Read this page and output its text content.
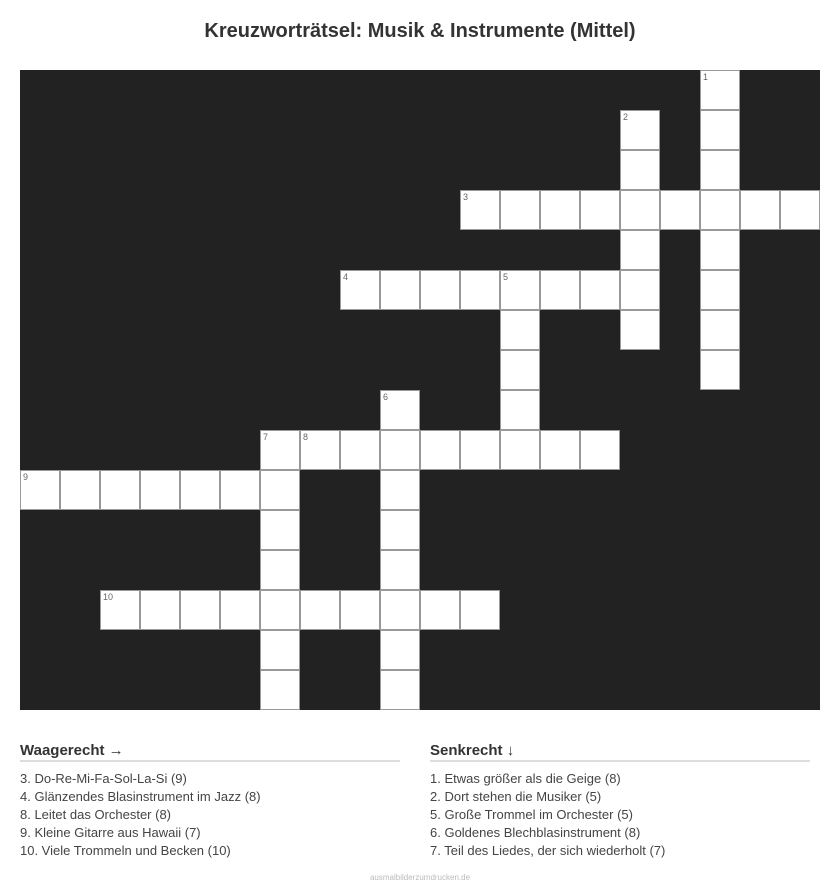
Kreuzworträtsel: Musik & Instrumente (Mittel)
1
2
3
4	5
6
7	8
9
10
Waagerecht →
3. Do-Re-Mi-Fa-Sol-La-Si (9)
4. Glänzendes Blasinstrument im Jazz (8)
8. Leitet das Orchester (8)
9. Kleine Gitarre aus Hawaii (7)
10. Viele Trommeln und Becken (10)
Senkrecht ↓
1. Etwas größer als die Geige (8)
2. Dort stehen die Musiker (5)
5. Große Trommel im Orchester (5)
6. Goldenes Blechblasinstrument (8)
7. Teil des Liedes, der sich wiederholt (7)
ausmalbilderzumdrucken.de
